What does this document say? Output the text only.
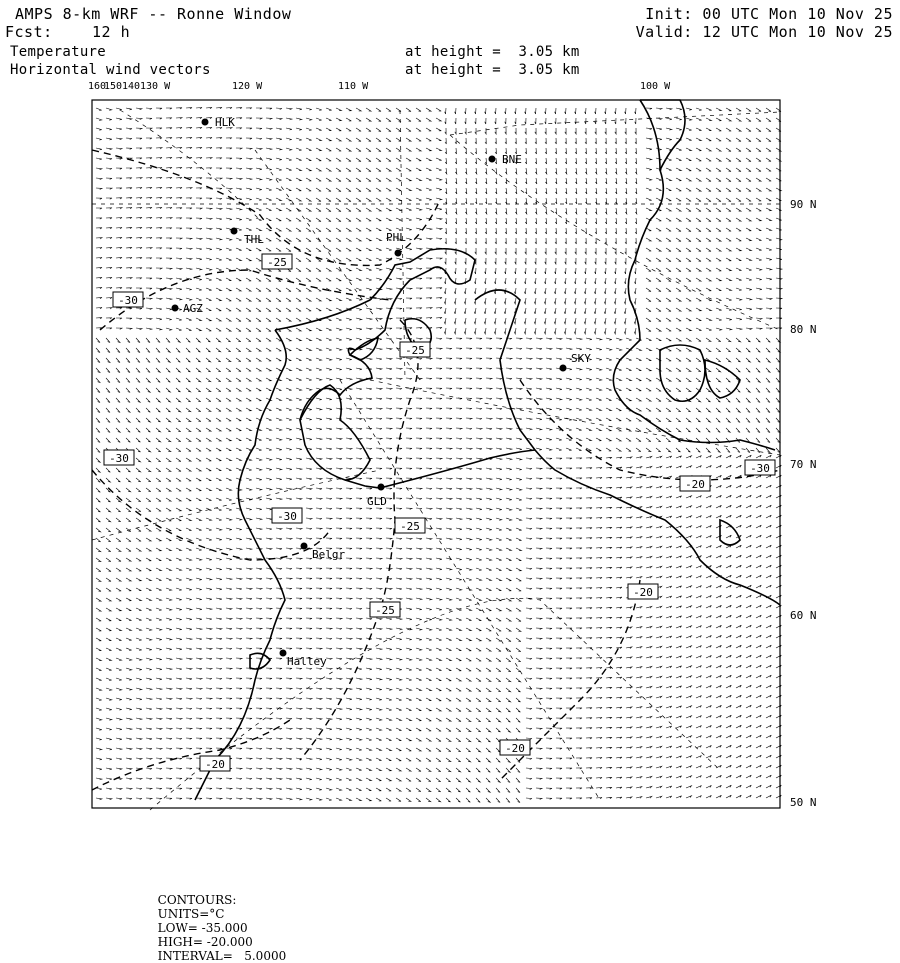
AMPS 8-km WRF -- Ronne Window
Fcst:	12 h
Init: 00 UTC Mon 10 Nov 25
Valid: 12 UTC Mon 10 Nov 25
Temperature	at height =  3.05 km
Horizontal wind vectors	at height =  3.05 km
160
150 140 130 W	120 W	110 W	100 W
90 N
80 N
70 N
60 N
50 N
-25
-30
-25
-30
-20
-25
-30
-25
-20
-20
-20
-30
HLK
BNE
THL	PHL
AGZ
SKY
GLD
Belgr
Halley

CONTOURS:
UNITS=°C
LOW= -35.000
HIGH= -20.000
INTERVAL=   5.0000
